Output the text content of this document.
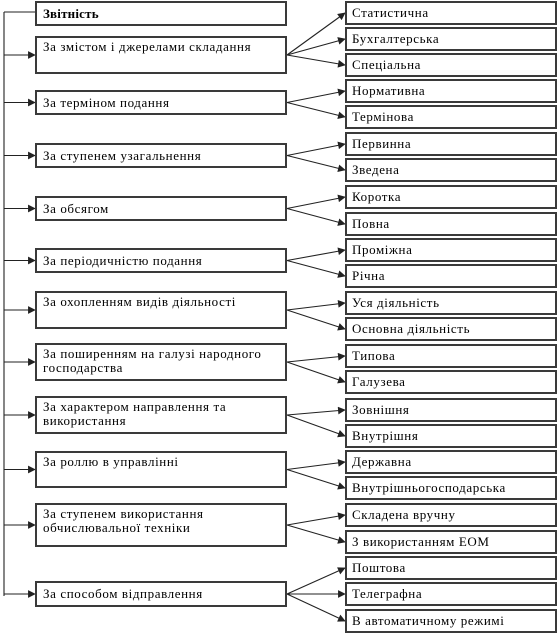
Звітність
За змістом і джерелами складання
За терміном подання
За ступенем узагальнення
За обсягом
За періодичністю подання
За охопленням видів діяльності
За поширенням на галузі народного господарства
За характером направлення та використання
За роллю в управлінні
За ступенем використання обчислювальної техніки
За способом відправлення
Статистична
Бухгалтерська
Спеціальна
Нормативна
Термінова
Первинна
Зведена
Коротка
Повна
Проміжна
Річна
Уся діяльність
Основна діяльність
Типова
Галузева
Зовнішня
Внутрішня
Державна
Внутрішньогосподарська
Складена вручну
З використанням ЕОМ
Поштова
Телеграфна
В автоматичному режимі
